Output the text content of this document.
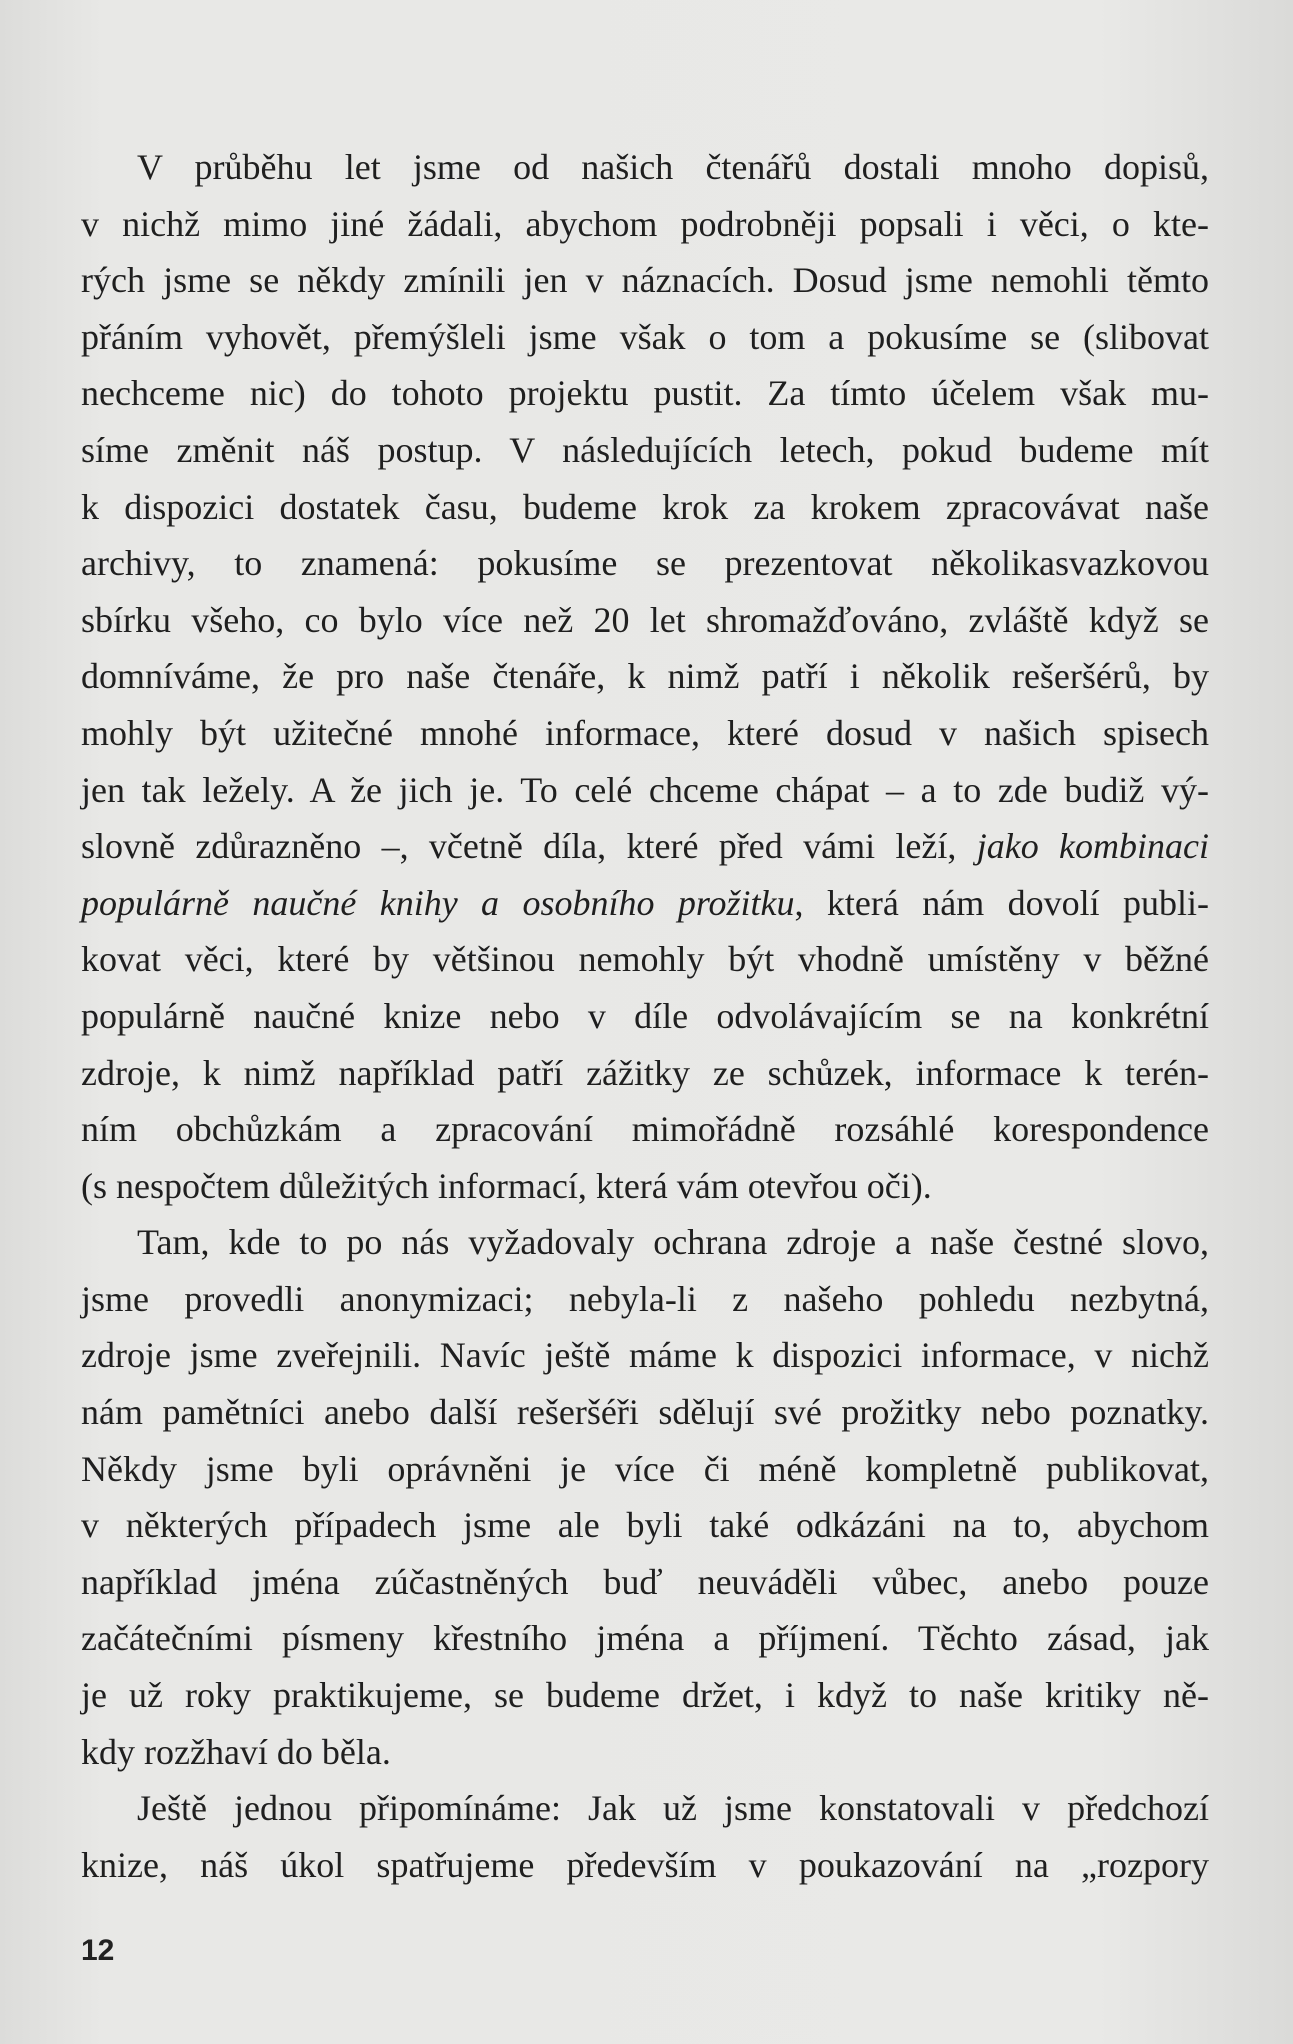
V průběhu let jsme od našich čtenářů dostali mnoho dopisů,
v nichž mimo jiné žádali, abychom podrobněji popsali i věci, o kte-
rých jsme se někdy zmínili jen v náznacích. Dosud jsme nemohli těmto
přáním vyhovět, přemýšleli jsme však o tom a pokusíme se (slibovat
nechceme nic) do tohoto projektu pustit. Za tímto účelem však mu-
síme změnit náš postup. V následujících letech, pokud budeme mít
k dispozici dostatek času, budeme krok za krokem zpracovávat naše
archivy, to znamená: pokusíme se prezentovat několikasvazkovou
sbírku všeho, co bylo více než 20 let shromažďováno, zvláště když se
domníváme, že pro naše čtenáře, k nimž patří i několik rešeršérů, by
mohly být užitečné mnohé informace, které dosud v našich spisech
jen tak ležely. A že jich je. To celé chceme chápat – a to zde budiž vý-
slovně zdůrazněno –, včetně díla, které před vámi leží, jako kombinaci
populárně naučné knihy a osobního prožitku, která nám dovolí publi-
kovat věci, které by většinou nemohly být vhodně umístěny v běžné
populárně naučné knize nebo v díle odvolávajícím se na konkrétní
zdroje, k nimž například patří zážitky ze schůzek, informace k terén-
ním obchůzkám a zpracování mimořádně rozsáhlé korespondence
(s nespočtem důležitých informací, která vám otevřou oči).
Tam, kde to po nás vyžadovaly ochrana zdroje a naše čestné slovo,
jsme provedli anonymizaci; nebyla-li z našeho pohledu nezbytná,
zdroje jsme zveřejnili. Navíc ještě máme k dispozici informace, v nichž
nám pamětníci anebo další rešeršéři sdělují své prožitky nebo poznatky.
Někdy jsme byli oprávněni je více či méně kompletně publikovat,
v některých případech jsme ale byli také odkázáni na to, abychom
například jména zúčastněných buď neuváděli vůbec, anebo pouze
začátečními písmeny křestního jména a příjmení. Těchto zásad, jak
je už roky praktikujeme, se budeme držet, i když to naše kritiky ně-
kdy rozžhaví do běla.
Ještě jednou připomínáme: Jak už jsme konstatovali v předchozí
knize, náš úkol spatřujeme především v poukazování na „rozpory
12
